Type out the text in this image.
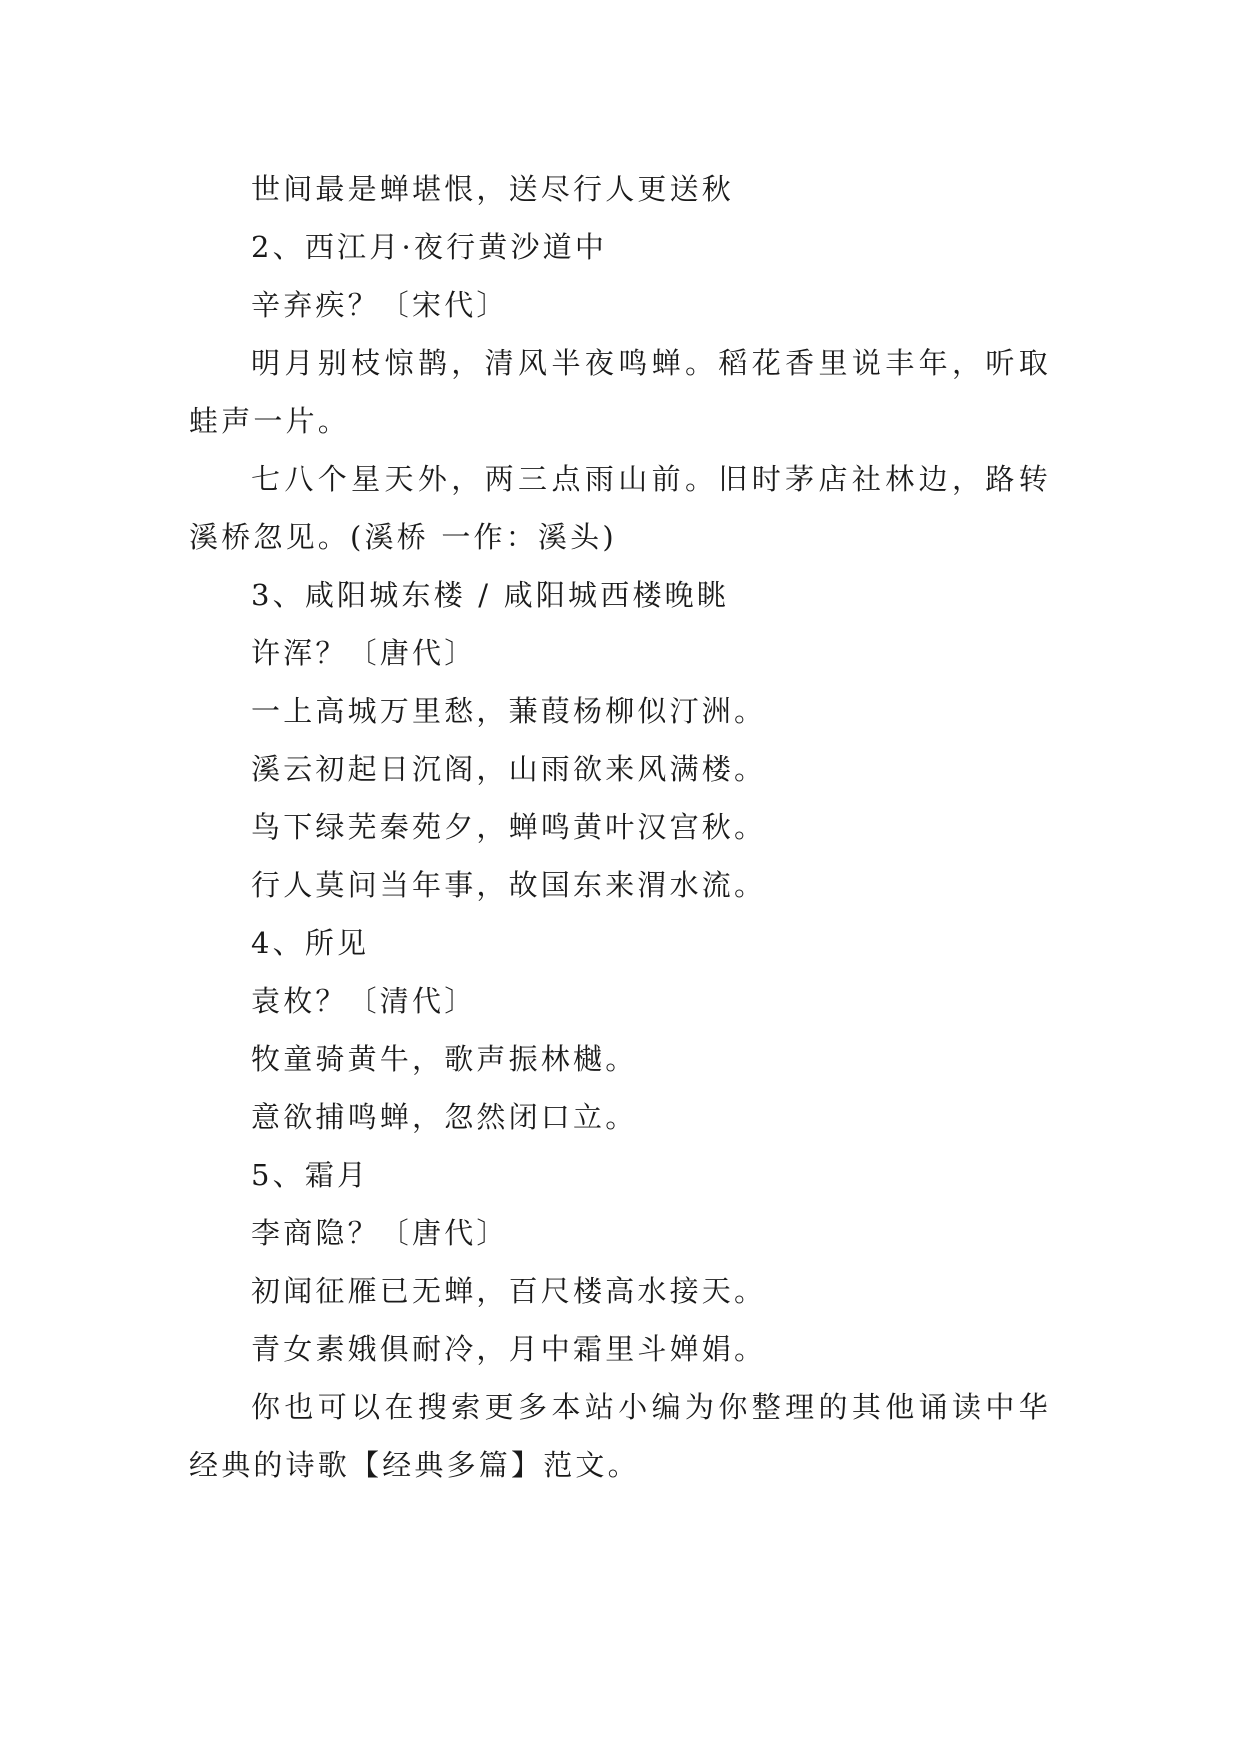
世间最是蝉堪恨，送尽行人更送秋
2、西江月·夜行黄沙道中
辛弃疾？〔宋代〕
明月别枝惊鹊，清风半夜鸣蝉。稻花香里说丰年，听取蛙声一片。
七八个星天外，两三点雨山前。旧时茅店社林边，路转溪桥忽见。(溪桥 一作：溪头)
3、咸阳城东楼 / 咸阳城西楼晚眺
许浑？〔唐代〕
一上高城万里愁，蒹葭杨柳似汀洲。
溪云初起日沉阁，山雨欲来风满楼。
鸟下绿芜秦苑夕，蝉鸣黄叶汉宫秋。
行人莫问当年事，故国东来渭水流。
4、所见
袁枚？〔清代〕
牧童骑黄牛，歌声振林樾。
意欲捕鸣蝉，忽然闭口立。
5、霜月
李商隐？〔唐代〕
初闻征雁已无蝉，百尺楼高水接天。
青女素娥俱耐冷，月中霜里斗婵娟。
你也可以在搜索更多本站小编为你整理的其他诵读中华经典的诗歌【经典多篇】范文。
